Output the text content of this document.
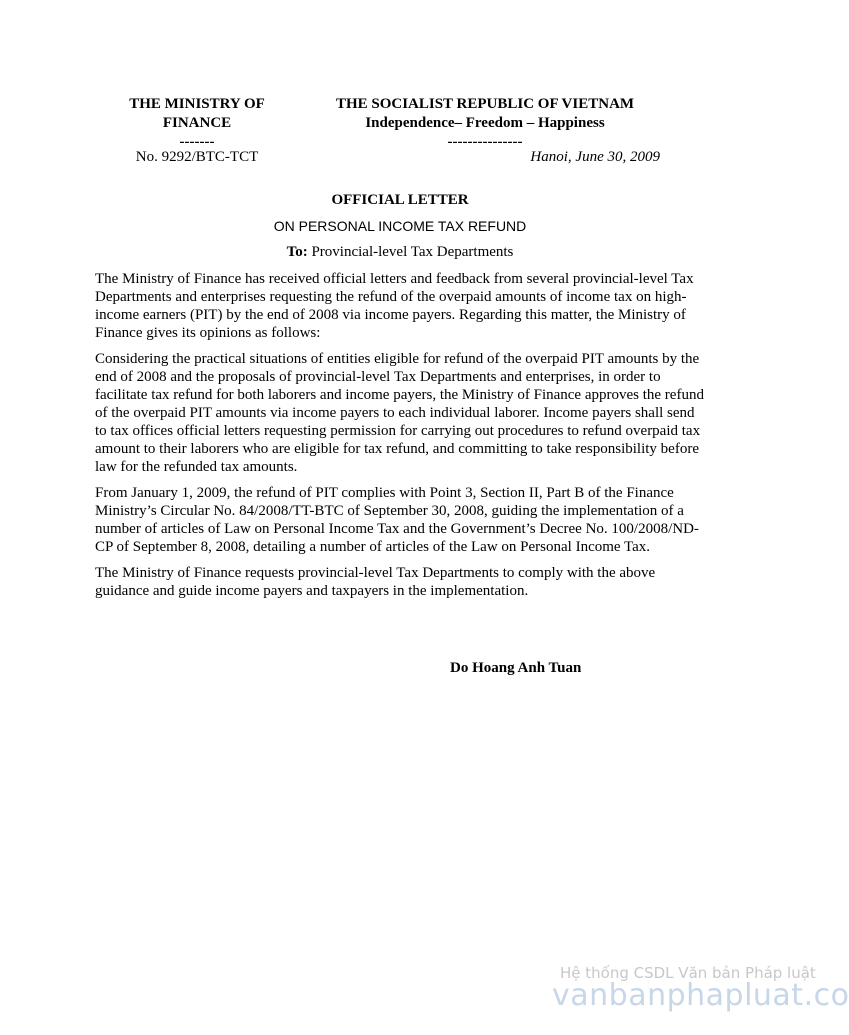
THE MINISTRY OF
FINANCE
-------
THE SOCIALIST REPUBLIC OF VIETNAM
Independence– Freedom – Happiness
---------------
No. 9292/BTC-TCT	Hanoi, June 30, 2009
OFFICIAL LETTER
ON PERSONAL INCOME TAX REFUND
To: Provincial-level Tax Departments

The Ministry of Finance has received official letters and feedback from several provincial-level Tax Departments and enterprises requesting the refund of the overpaid amounts of income tax on high-income earners (PIT) by the end of 2008 via income payers. Regarding this matter, the Ministry of Finance gives its opinions as follows:

Considering the practical situations of entities eligible for refund of the overpaid PIT amounts by the end of 2008 and the proposals of provincial-level Tax Departments and enterprises, in order to facilitate tax refund for both laborers and income payers, the Ministry of Finance approves the refund of the overpaid PIT amounts via income payers to each individual laborer. Income payers shall send to tax offices official letters requesting permission for carrying out procedures to refund overpaid tax amount to their laborers who are eligible for tax refund, and committing to take responsibility before law for the refunded tax amounts.

From January 1, 2009, the refund of PIT complies with Point 3, Section II, Part B of the Finance Ministry’s Circular No. 84/2008/TT-BTC of September 30, 2008, guiding the implementation of a number of articles of Law on Personal Income Tax and the Government’s Decree No. 100/2008/ND-CP of September 8, 2008, detailing a number of articles of the Law on Personal Income Tax.

The Ministry of Finance requests provincial-level Tax Departments to comply with the above guidance and guide income payers and taxpayers in the implementation.

Do Hoang Anh Tuan
Hệ thống CSDL Văn bản Pháp luật
vanbanphapluat.co
